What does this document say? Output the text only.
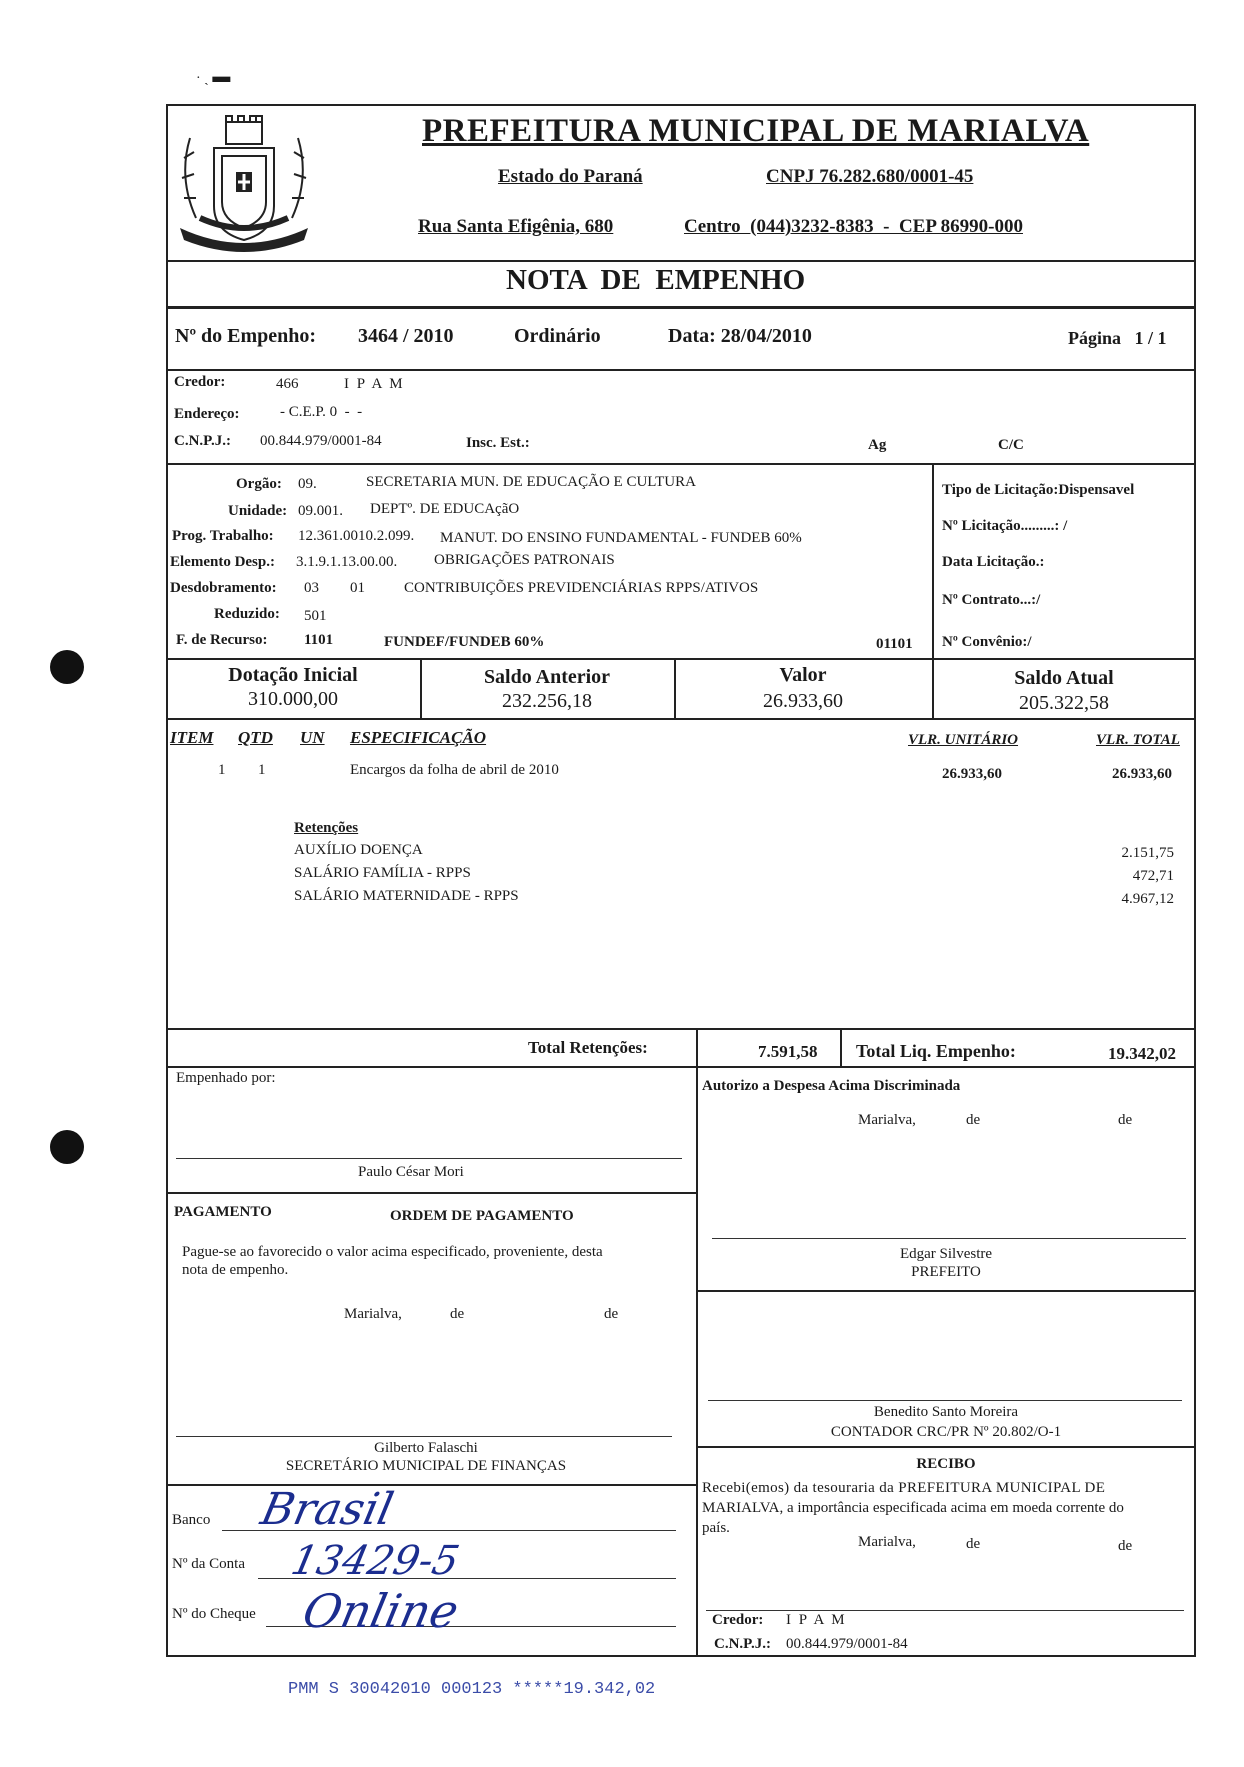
· ˏ ▬
PREFEITURA MUNICIPAL DE MARIALVA
Estado do Paraná	CNPJ 76.282.680/0001-45
Rua Santa Efigênia, 680	Centro  (044)3232-8383  -  CEP 86990-000
NOTA  DE  EMPENHO
Nº do Empenho: 3464 / 2010	Ordinário	Data: 28/04/2010	Página   1 / 1
Credor:	466	I P A M
Endereço:	- C.E.P. 0  -  -
C.N.P.J.: 00.844.979/0001-84	Insc. Est.:	Ag	C/C
Orgão: 09.	SECRETARIA MUN. DE EDUCAÇÃO E CULTURA
Unidade: 09.001. DEPTº. DE EDUCAçãO
Prog. Trabalho: 12.361.0010.2.099. MANUT. DO ENSINO FUNDAMENTAL - FUNDEB 60%
Elemento Desp.: 3.1.9.1.13.00.00. OBRIGAÇÕES PATRONAIS
Desdobramento: 03 01	CONTRIBUIÇÕES PREVIDENCIÁRIAS RPPS/ATIVOS
Reduzido: 501
F. de Recurso: 1101	FUNDEF/FUNDEB 60%	01101
Tipo de Licitação:Dispensavel
Nº Licitação.........: /
Data Licitação.:
Nº Contrato...:/
Nº Convênio:/
Dotação Inicial
310.000,00
Saldo Anterior
232.256,18
Valor
26.933,60
Saldo Atual
205.322,58
ITEM QTD UN ESPECIFICAÇÃO	VLR. UNITÁRIO	VLR. TOTAL
1 1	Encargos da folha de abril de 2010	26.933,60	26.933,60
Retenções
AUXÍLIO DOENÇA	2.151,75
SALÁRIO FAMÍLIA - RPPS	472,71
SALÁRIO MATERNIDADE - RPPS	4.967,12
Total Retenções:	7.591,58 Total Liq. Empenho:	19.342,02
Empenhado por:
Paulo César Mori
Autorizo a Despesa Acima Discriminada
Marialva,	de	de
Edgar Silvestre
PREFEITO
PAGAMENTO	ORDEM DE PAGAMENTO
Pague-se ao favorecido o valor acima especificado, proveniente, desta
nota de empenho.
Marialva,	de	de
Gilberto Falaschi
SECRETÁRIO MUNICIPAL DE FINANÇAS
Benedito Santo Moreira
CONTADOR CRC/PR Nº 20.802/O-1
RECIBO
Recebi(emos) da tesouraria da PREFEITURA MUNICIPAL DE
MARIALVA, a importância especificada acima em moeda corrente do
país.
Marialva,	de	de
Credor: I P A M
C.N.P.J.: 00.844.979/0001-84
Banco Brasil
Nº da Conta 13429-5
Nº do Cheque Online
PMM S 30042010 000123 *****19.342,02
